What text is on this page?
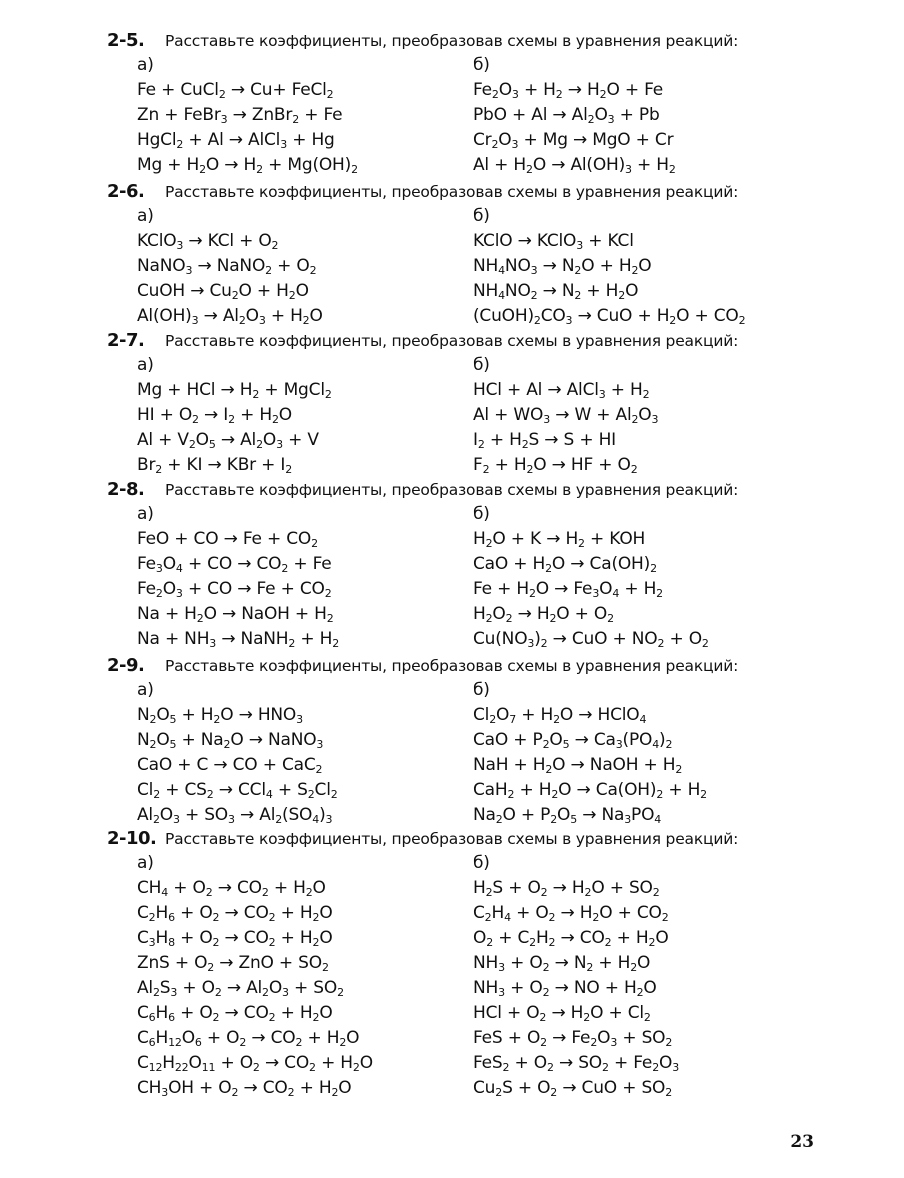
2-5. Расставьте коэффициенты, преобразовав схемы в уравнения реакций:
а)
Fe + CuCl$_2$ → Cu+ FeCl$_2$
Zn + FeBr$_3$ → ZnBr$_2$ + Fe
HgCl$_2$ + Al → AlCl$_3$ + Hg
$Mg + H_2O \to H_2 + Mg(OH)_2$
б)
$Fe_2O_3 + H_2 \to H_2O + Fe$
PbO + $Al \to Al_2O_3 + Pb$
$Cr_2O_3 + Mg$ → MgO + Cr
$Al + H_2O \to Al(OH)_3 + H_2$
2-6. Расставьте коэффициенты, преобразовав схемы в уравнения реакций:
а)
KClO$_3$ → KCl + $O_2$
NaNO$_3$ → NaNO$_2$ + $O_2$
CuOH → $Cu_2O + H_2O$
$Al(OH)_3 \to Al_2O_3 + H_2O$
б)
KClO → KClO$_3$ + KCl
$NH_4NO_3 \to N_2O + H_2O$
$NH_4NO_2 \to N_2 + H_2O$
$(CuOH)_2CO_3$ → CuO + $H_2O + CO_2$
2-7. Расставьте коэффициенты, преобразовав схемы в уравнения реакций:
а)
Mg + HCl → $H_2$ + MgCl$_2$
HI + $O_2 \to I_2 + H_2O$
$Al + V_2O_5 \to Al_2O_3 + V$
$Br_2$ + KI → KBr + $I_2$
б)
HCl + Al → AlCl$_3$ + $H_2$
$Al + WO_3 \to W + Al_2O_3$
$I_2 + H_2S \to S$ + HI
$F_2 + H_2O$ → HF + $O_2$
2-8. Расставьте коэффициенты, преобразовав схемы в уравнения реакций:
а)
FeO + CO → $Fe + CO_2$
$Fe_3O_4$ + CO → $CO_2 + Fe$
$Fe_2O_3$ + CO → $Fe + CO_2$
$Na + H_2O$ → NaOH + $H_2$
$Na + NH_3$ → NaNH$_2$ + $H_2$
б)
$H_2O + K \to H_2$ + KOH
CaO + $H_2O \to Ca(OH)_2$
$Fe + H_2O \to Fe_3O_4 + H_2$
$H_2O_2 \to H_2O + O_2$
$Cu(NO_3)_2$ → CuO + $NO_2 + O_2$
2-9. Расставьте коэффициенты, преобразовав схемы в уравнения реакций:
а)
$N_2O_5 + H_2O \to HNO_3$
$N_2O_5 + Na_2O$ → NaNO$_3$
CaO + C → CO + CaC$_2$
$Cl_2 + CS_2 \to CCl_4 + S_2Cl_2$
$Al_2O_3 + SO_3 \to Al_2(SO_4)_3$
б)
$Cl_2O_7 + H_2O$ → HClO$_4$
CaO + $P_2O_5 \to Ca_3(PO_4)_2$
NaH + $H_2O$ → NaOH + $H_2$
$CaH_2 + H_2O \to Ca(OH)_2 + H_2$
$Na_2O + P_2O_5 \to Na_3PO_4$
2-10. Расставьте коэффициенты, преобразовав схемы в уравнения реакций:
а)
$CH_4 + O_2 \to CO_2 + H_2O$
$C_2H_6 + O_2 \to CO_2 + H_2O$
$C_3H_8 + O_2 \to CO_2 + H_2O$
ZnS + $O_2$ → ZnO + $SO_2$
$Al_2S_3 + O_2 \to Al_2O_3 + SO_2$
$C_6H_6 + O_2 \to CO_2 + H_2O$
$C_6H_{12}O_6 + O_2 \to CO_2 + H_2O$
$C_{12}H_{22}O_{11} + O_2 \to CO_2 + H_2O$
$CH_3OH + O_2 \to CO_2 + H_2O$
б)
$H_2S + O_2 \to H_2O + SO_2$
$C_2H_4 + O_2 \to H_2O + CO_2$
$O_2 + C_2H_2 \to CO_2 + H_2O$
$NH_3 + O_2 \to N_2 + H_2O$
$NH_3 + O_2$ → NO + $H_2O$
HCl + $O_2 \to H_2O + Cl_2$
FeS + $O_2 \to Fe_2O_3 + SO_2$
$FeS_2 + O_2 \to SO_2 + Fe_2O_3$
$Cu_2S + O_2$ → CuO + $SO_2$
23
